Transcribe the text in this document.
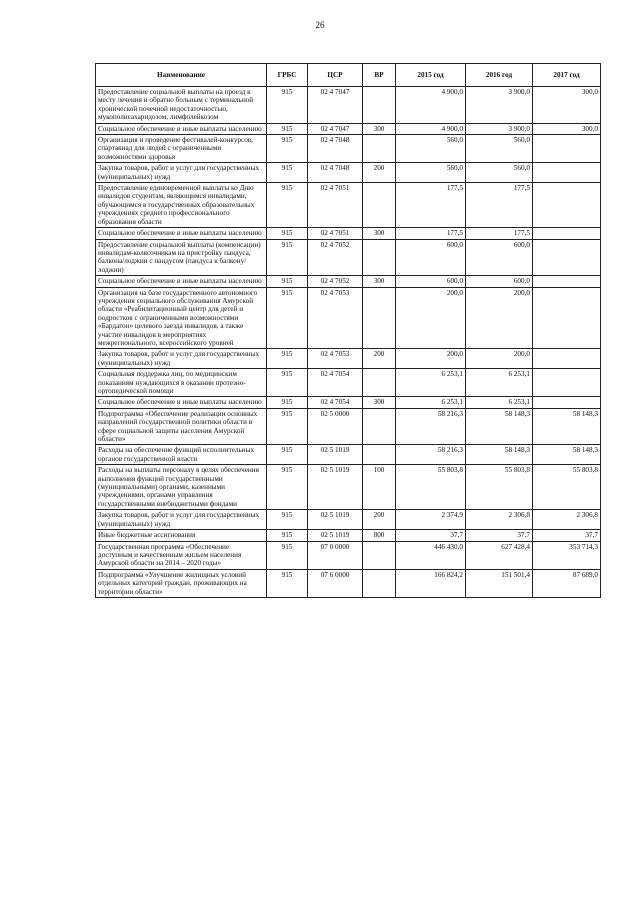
26
Наименование	ГРБС	ЦСР	ВР	2015 год	2016 год	2017 год
Предоставление социальной выплаты на проезд к месту лечения и обратно больным с терминальной хронической почечной недостаточностью, мукополисахаридозом, лимфолейкозом	915	02 4 7047		4 900,0	3 900,0	300,0
Социальное обеспечение и иные выплаты населению	915	02 4 7047	300	4 900,0	3 900,0	300,0
Организация и проведение фестивалей-конкурсов, спартакиад для людей с ограниченными возможностями здоровья	915	02 4 7048		560,0	560,0	
Закупка товаров, работ и услуг для государственных (муниципальных) нужд	915	02 4 7048	200	560,0	560,0	
Предоставление единовременной выплаты ко Дню инвалидов студентам, являющимся инвалидами, обучающимся в государственных образовательных учреждениях среднего профессионального образования области	915	02 4 7051		177,5	177,5	
Социальное обеспечение и иные выплаты населению	915	02 4 7051	300	177,5	177,5	
Предоставление социальной выплаты (компенсации) инвалидам-колясочникам на пристройку пандуса, балкона/лоджии с пандусом (пандуса к балкону/лоджии)	915	02 4 7052		600,0	600,0	
Социальное обеспечение и иные выплаты населению	915	02 4 7052	300	600,0	600,0	
Организация на базе государственного автономного учреждения социального обслуживания Амурской области «Реабилитационный центр для детей и подростков с ограниченными возможностями «Бардагон» целевого заезда инвалидов, а также участие инвалидов в мероприятиях межрегионального, всероссийского уровней	915	02 4 7053		200,0	200,0	
Закупка товаров, работ и услуг для государственных (муниципальных) нужд	915	02 4 7053	200	200,0	200,0	
Социальная поддержка лиц, по медицинским показаниям нуждающихся в оказании протезно-ортопедической помощи	915	02 4 7054		6 253,1	6 253,1	
Социальное обеспечение и иные выплаты населению	915	02 4 7054	300	6 253,1	6 253,1	
Подпрограмма «Обеспечение реализации основных направлений государственной политики области в сфере социальной защиты населения Амурской области»	915	02 5 0000		58 216,3	58 148,3	58 148,3
Расходы на обеспечение функций исполнительных органов государственной власти	915	02 5 1019		58 216,3	58 148,3	58 148,3
Расходы на выплаты персоналу в целях обеспечения выполнения функций государственными (муниципальными) органами, казенными учреждениями, органами управления государственными внебюджетными фондами	915	02 5 1019	100	55 803,8	55 803,8	55 803,8
Закупка товаров, работ и услуг для государственных (муниципальных) нужд	915	02 5 1019	200	2 374,9	2 306,8	2 306,8
Иные бюджетные ассигнования	915	02 5 1019	800	37,7	37,7	37,7
Государственная программа «Обеспечение доступным и качественным жильем населения Амурской области на 2014 – 2020 годы»	915	07 0 0000		446 430,0	627 428,4	353 714,3
Подпрограмма «Улучшение жилищных условий отдельных категорий граждан, проживающих на территории области»	915	07 6 0000		166 824,2	151 501,4	87 689,0
